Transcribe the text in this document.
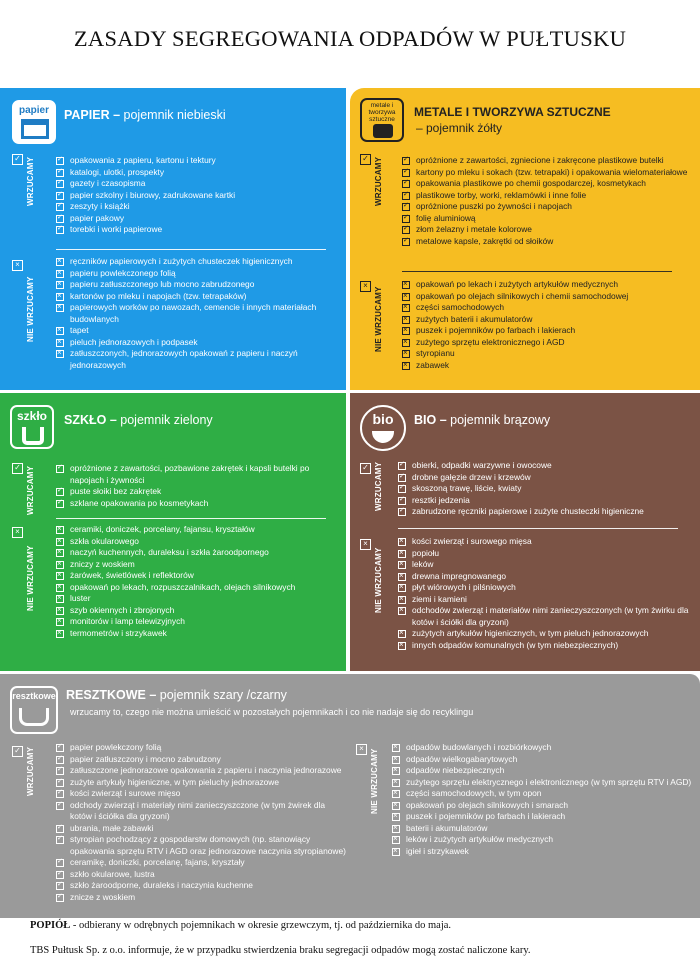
ZASADY SEGREGOWANIA ODPADÓW W PUŁTUSKU
papier	PAPIER – pojemnik niebieski
✓ WRZUCAMY	opakowania z papieru, kartonu i tektury ✓
katalogi, ulotki, prospekty ✓
gazety i czasopisma ✓
papier szkolny i biurowy, zadrukowane kartki ✓
zeszyty i książki ✓
papier pakowy ✓
torebki i worki papierowe ✓
×
NIE WRZUCAMY
ręczników papierowych i zużytych chusteczek higienicznych ×
papieru powlekczonego folią ×
papieru zatłuszczonego lub mocno zabrudzonego ×
kartonów po mleku i napojach (tzw. tetrapaków) ×
papierowych worków po nawozach, cemencie i innych materiałach budowlanych ×
tapet ×
pieluch jednorazowych i podpasek ×
zatłuszczonych, jednorazowych opakowań z papieru i naczyń jednorazowych ×
metale i tworzywa sztuczne
METALE I TWORZYWA SZTUCZNE
– pojemnik żółty
✓ WRZUCAMY	opróżnione z zawartości, zgniecione i zakręcone plastikowe butelki ✓
kartony po mleku i sokach (tzw. tetrapaki) i opakowania wielomateriałowe ✓
opakowania plastikowe po chemii gospodarczej, kosmetykach ✓
plastikowe torby, worki, reklamówki i inne folie ✓
opróżnione puszki po żywności i napojach ✓
folię aluminiową ✓
złom żelazny i metale kolorowe ✓
metalowe kapsle, zakrętki od słoików ✓
×
NIE WRZUCAMY
opakowań po lekach i zużytych artykułów medycznych ×
opakowań po olejach silnikowych i chemii samochodowej ×
części samochodowych ×
zużytych baterii i akumulatorów ×
puszek i pojemników po farbach i lakierach ×
zużytego sprzętu elektronicznego i AGD ×
styropianu ×
zabawek ×
szkło	SZKŁO – pojemnik zielony
✓ WRZUCAMY	opróżnione z zawartości, pozbawione zakrętek i kapsli butelki po napojach i żywności ✓
puste słoiki bez zakrętek ✓
szklane opakowania po kosmetykach ✓
×
NIE WRZUCAMY
ceramiki, doniczek, porcelany, fajansu, kryształów ×
szkła okularowego ×
naczyń kuchennych, duraleksu i szkła żaroodpornego ×
zniczy z woskiem ×
żarówek, świetlówek i reflektorów ×
opakowań po lekach, rozpuszczalnikach, olejach silnikowych ×
luster ×
szyb okiennych i zbrojonych ×
monitorów i lamp telewizyjnych ×
termometrów i strzykawek ×
bio	BIO – pojemnik brązowy
✓ WRZUCAMY	obierki, odpadki warzywne i owocowe ✓
drobne gałęzie drzew i krzewów ✓
skoszoną trawę, liście, kwiaty ✓
resztki jedzenia ✓
zabrudzone ręczniki papierowe i zużyte chusteczki higieniczne ✓
×
NIE WRZUCAMY
kości zwierząt i surowego mięsa ×
popiołu ×
leków ×
drewna impregnowanego ×
płyt wiórowych i pilśniowych ×
ziemi i kamieni ×
odchodów zwierząt i materiałów nimi zanieczyszczonych (w tym żwirku dla kotów i ściółki dla gryzoni) ×
zużytych artykułów higienicznych, w tym pieluch jednorazowych ×
innych odpadów komunalnych (w tym niebezpiecznych) ×
resztkowe RESZTKOWE – pojemnik szary /czarny
wrzucamy to, czego nie można umieścić w pozostałych pojemnikach i co nie nadaje się do recyklingu
✓ WRZUCAMY	papier powlekczony folią ✓
papier zatłuszczony i mocno zabrudzony ✓
zatłuszczone jednorazowe opakowania z papieru i naczynia jednorazowe ✓
zużyte artykuły higieniczne, w tym pieluchy jednorazowe ✓
kości zwierząt i surowe mięso ✓
odchody zwierząt i materiały nimi zanieczyszczone (w tym żwirek dla kotów i ściółka dla gryzoni) ✓
ubrania, małe zabawki ✓
styropian pochodzący z gospodarstw domowych (np. stanowiący opakowania sprzętu RTV i AGD oraz jednorazowe naczynia styropianowe) ✓
ceramikę, doniczki, porcelanę, fajans, kryształy ✓
szkło okularowe, lustra ✓
szkło żaroodporne, duraleks i naczynia kuchenne ✓
znicze z woskiem ✓
× NIE WRZUCAMY
odpadów budowlanych i rozbiórkowych ×
odpadów wielkogabarytowych ×
odpadów niebezpiecznych ×
zużytego sprzętu elektrycznego i elektronicznego (w tym sprzętu RTV i AGD) ×
części samochodowych, w tym opon ×
opakowań po olejach silnikowych i smarach ×
puszek i pojemników po farbach i lakierach ×
baterii i akumulatorów ×
leków i zużytych artykułów medycznych ×
igieł i strzykawek ×
POPIÓŁ - odbierany w odrębnych pojemnikach w okresie grzewczym, tj. od października do maja.
TBS Pułtusk Sp. z o.o. informuje, że w przypadku stwierdzenia braku segregacji odpadów mogą zostać naliczone kary.
